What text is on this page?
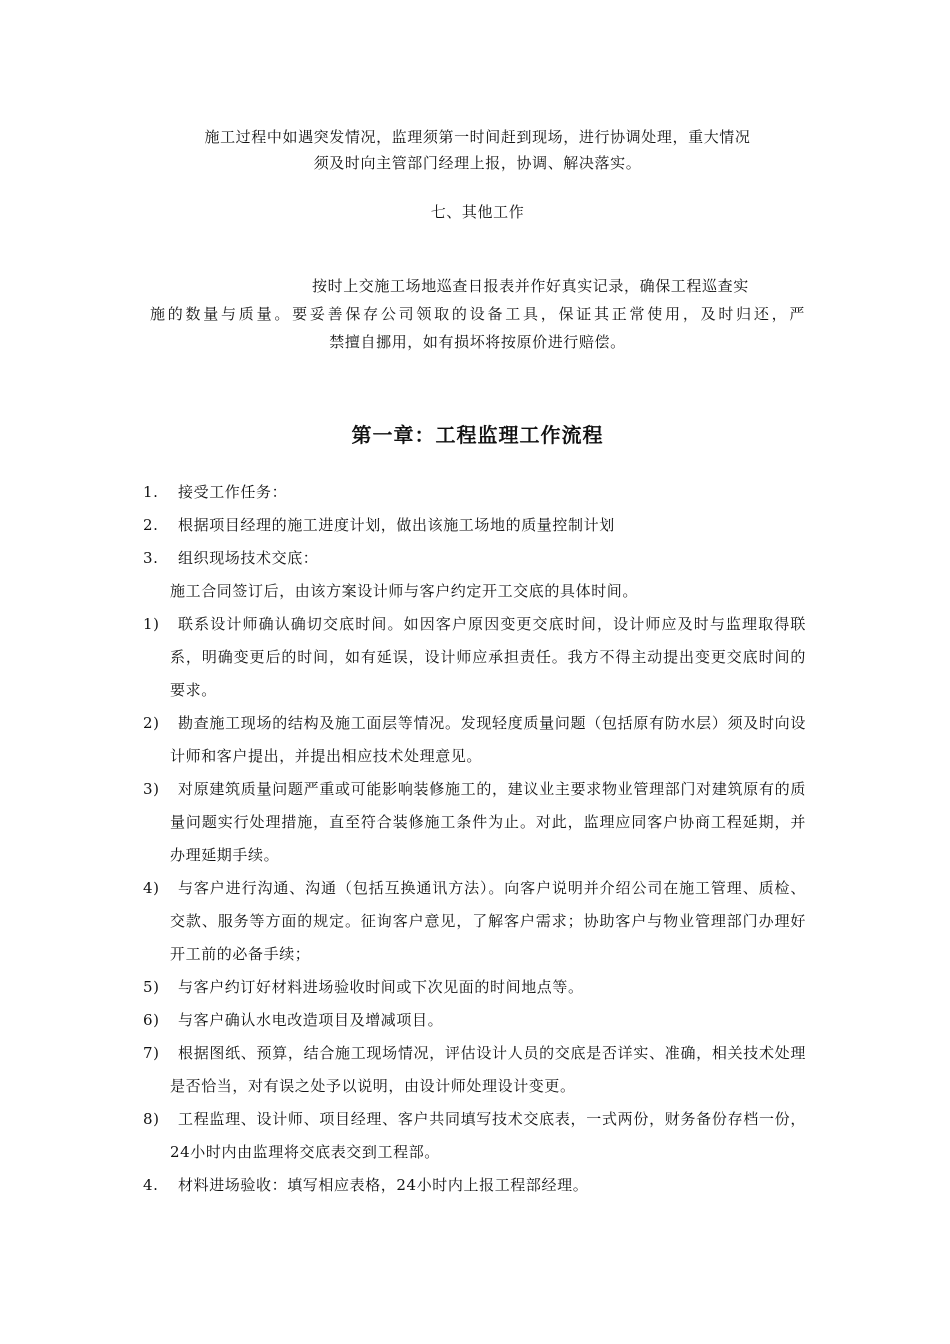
施工过程中如遇突发情况，监理须第一时间赶到现场，进行协调处理，重大情况
须及时向主管部门经理上报，协调、解决落实。
七、其他工作
按时上交施工场地巡查日报表并作好真实记录，确保工程巡查实
施的数量与质量。要妥善保存公司领取的设备工具，保证其正常使用，及时归还，严
禁擅自挪用，如有损坏将按原价进行赔偿。
第一章：工程监理工作流程
1. 接受工作任务：
2. 根据项目经理的施工进度计划，做出该施工场地的质量控制计划
3. 组织现场技术交底：
施工合同签订后，由该方案设计师与客户约定开工交底的具体时间。
1)	联系设计师确认确切交底时间。如因客户原因变更交底时间，设计师应及时与监理取得联系，明确变更后的时间，如有延误，设计师应承担责任。我方不得主动提出变更交底时间的要求。
2)	勘查施工现场的结构及施工面层等情况。发现轻度质量问题（包括原有防水层）须及时向设计师和客户提出，并提出相应技术处理意见。
3)	对原建筑质量问题严重或可能影响装修施工的，建议业主要求物业管理部门对建筑原有的质量问题实行处理措施，直至符合装修施工条件为止。对此，监理应同客户协商工程延期，并办理延期手续。
4)	与客户进行沟通、沟通（包括互换通讯方法）。向客户说明并介绍公司在施工管理、质检、交款、服务等方面的规定。征询客户意见，了解客户需求；协助客户与物业管理部门办理好开工前的必备手续；
5)	与客户约订好材料进场验收时间或下次见面的时间地点等。
6)	与客户确认水电改造项目及增减项目。
7)	根据图纸、预算，结合施工现场情况，评估设计人员的交底是否详实、准确，相关技术处理是否恰当，对有误之处予以说明，由设计师处理设计变更。
8)	工程监理、设计师、项目经理、客户共同填写技术交底表，一式两份，财务备份存档一份，24小时内由监理将交底表交到工程部。
4. 材料进场验收：填写相应表格，24小时内上报工程部经理。
